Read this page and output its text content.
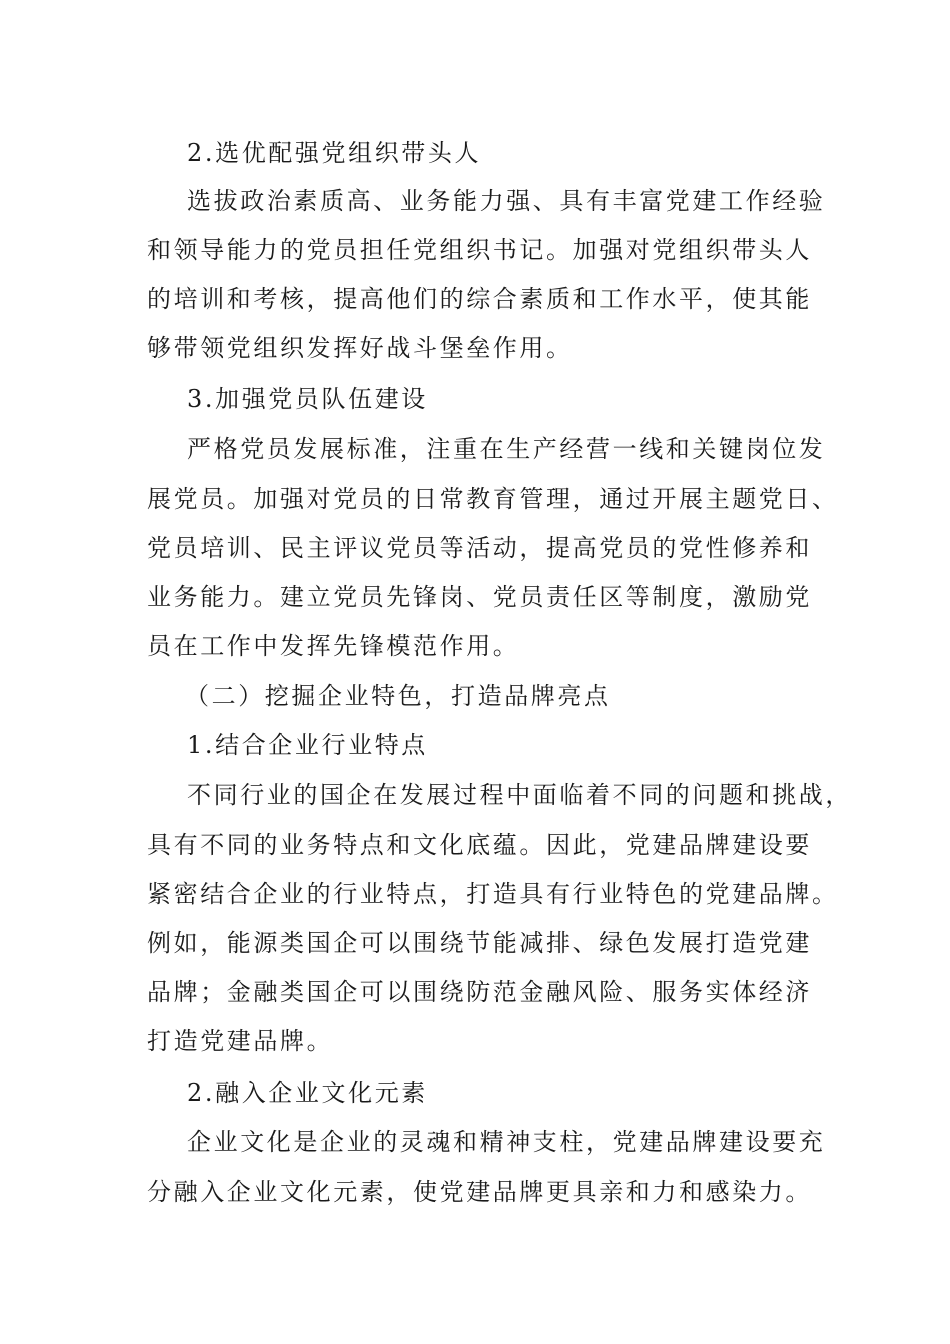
2.选优配强党组织带头人
选拔政治素质高、业务能力强、具有丰富党建工作经验
和领导能力的党员担任党组织书记。加强对党组织带头人
的培训和考核，提高他们的综合素质和工作水平，使其能
够带领党组织发挥好战斗堡垒作用。
3.加强党员队伍建设
严格党员发展标准，注重在生产经营一线和关键岗位发
展党员。加强对党员的日常教育管理，通过开展主题党日、
党员培训、民主评议党员等活动，提高党员的党性修养和
业务能力。建立党员先锋岗、党员责任区等制度，激励党
员在工作中发挥先锋模范作用。
（二）挖掘企业特色，打造品牌亮点
1.结合企业行业特点
不同行业的国企在发展过程中面临着不同的问题和挑战，
具有不同的业务特点和文化底蕴。因此，党建品牌建设要
紧密结合企业的行业特点，打造具有行业特色的党建品牌。
例如，能源类国企可以围绕节能减排、绿色发展打造党建
品牌；金融类国企可以围绕防范金融风险、服务实体经济
打造党建品牌。
2.融入企业文化元素
企业文化是企业的灵魂和精神支柱，党建品牌建设要充
分融入企业文化元素，使党建品牌更具亲和力和感染力。
